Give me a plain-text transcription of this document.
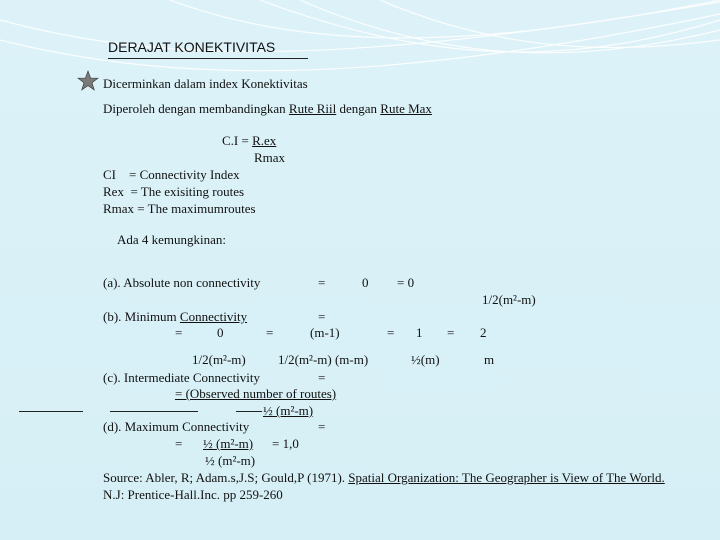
DERAJAT KONEKTIVITAS
Dicerminkan dalam index Konektivitas
Diperoleh dengan membandingkan Rute Riil dengan Rute Max
C.I = R.ex
Rmax
CI    = Connectivity Index
Rex  = The exisiting routes
Rmax = The maximumroutes
Ada 4 kemungkinan:
(a). Absolute non connectivity	=	0 = 0
1/2(m²-m)
(b). Minimum Connectivity	=
=	0	=	(m-1)	= 1 = 2
1/2(m²-m) 1/2(m²-m) (m-m)	½(m)	m
(c). Intermediate Connectivity	=
= (Observed number of routes)
½ (m²-m)
(d). Maximum Connectivity	=
= ½ (m²-m) = 1,0
½ (m²-m)
Source: Abler, R; Adam.s,J.S; Gould,P (1971). Spatial Organization: The Geographer is View of The World.
N.J: Prentice-Hall.Inc. pp 259-260
